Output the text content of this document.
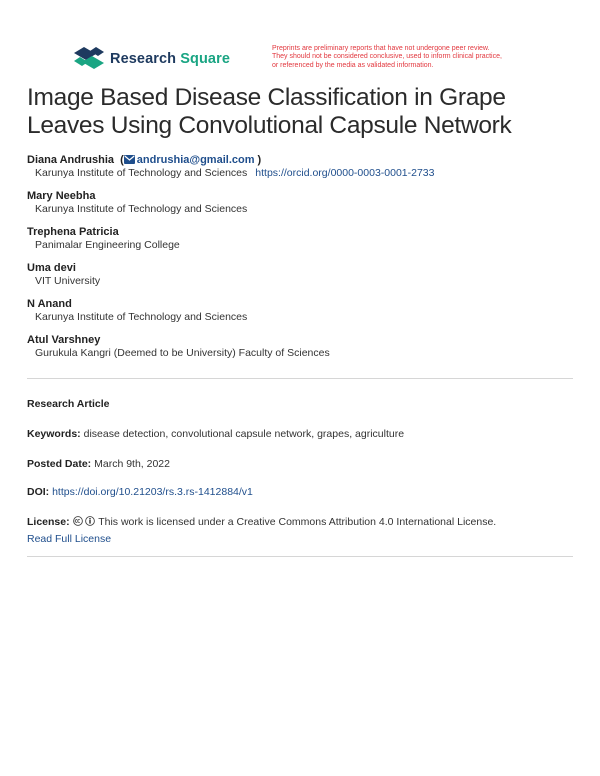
Research Square
Preprints are preliminary reports that have not undergone peer review.
They should not be considered conclusive, used to inform clinical practice,
or referenced by the media as validated information.
Image Based Disease Classification in Grape
Leaves Using Convolutional Capsule Network
Diana Andrushia  ( andrushia@gmail.com )
Karunya Institute of Technology and Sciences https://orcid.org/0000-0003-0001-2733
Mary Neebha
Karunya Institute of Technology and Sciences
Trephena Patricia
Panimalar Engineering College
Uma devi
VIT University
N Anand
Karunya Institute of Technology and Sciences
Atul Varshney
Gurukula Kangri (Deemed to be University) Faculty of Sciences
Research Article
Keywords: disease detection, convolutional capsule network, grapes, agriculture
Posted Date: March 9th, 2022
DOI: https://doi.org/10.21203/rs.3.rs-1412884/v1
License:	This work is licensed under a Creative Commons Attribution 4.0 International License.
Read Full License
